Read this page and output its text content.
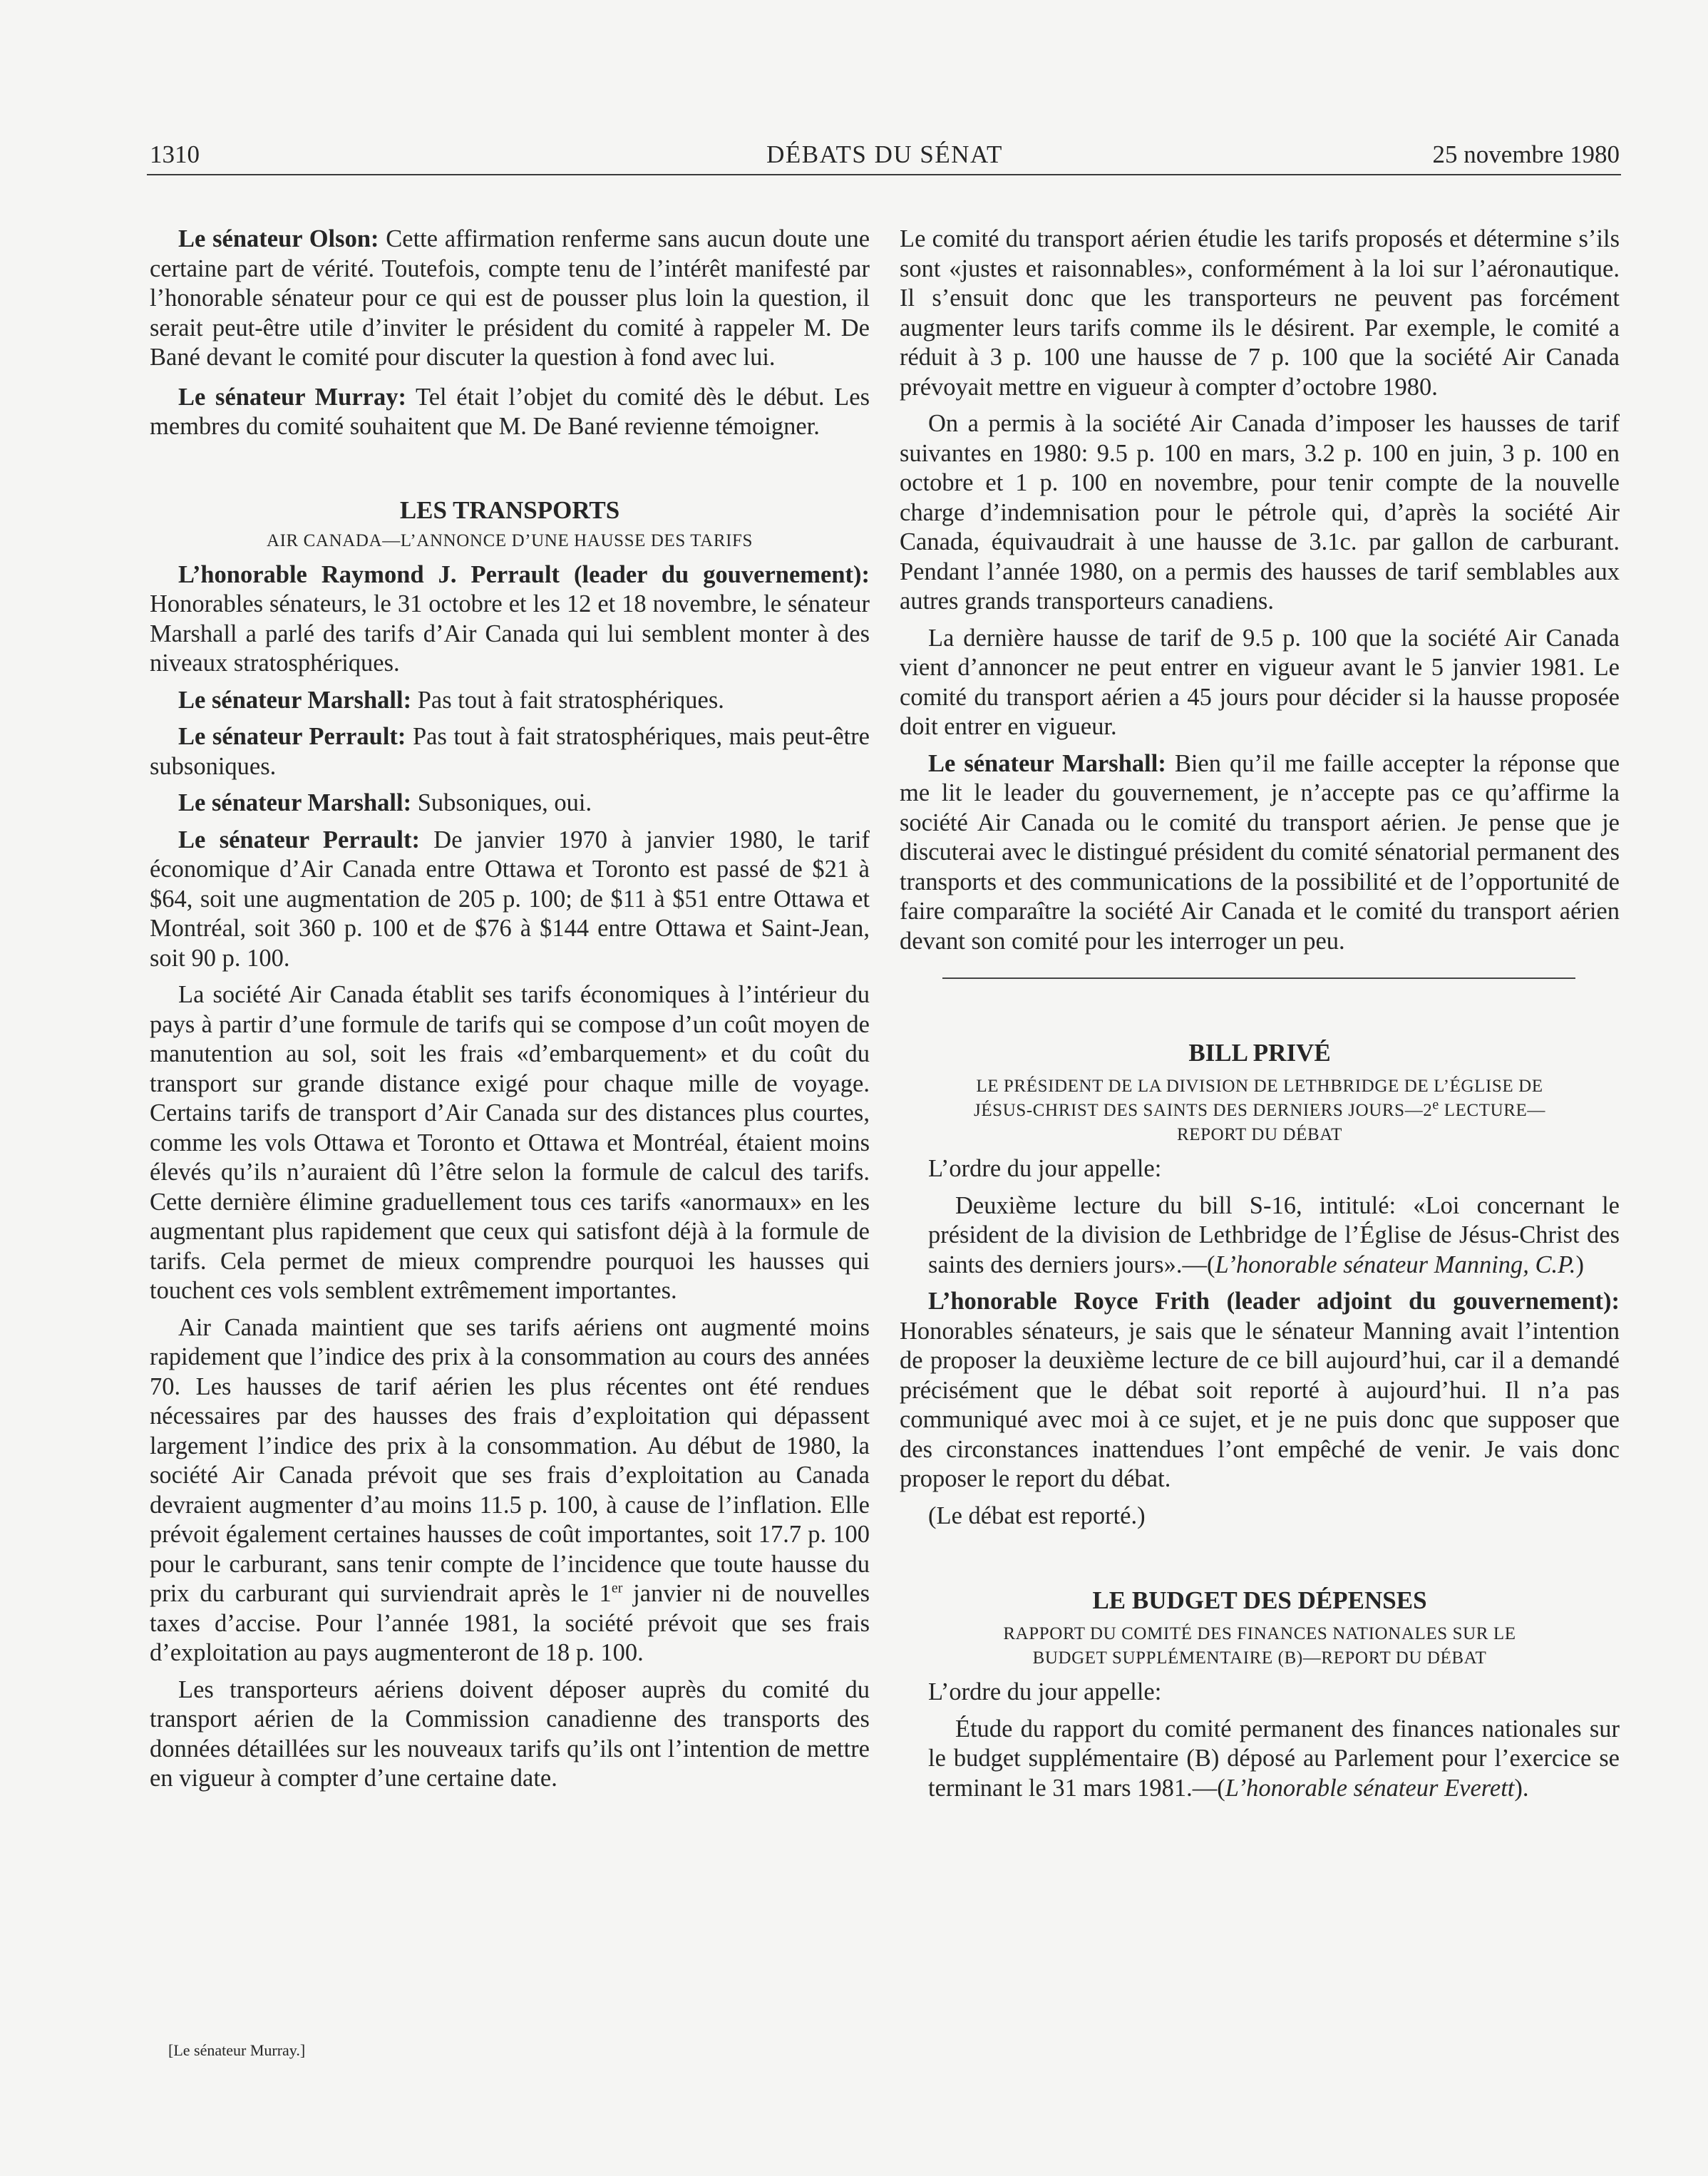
1310	DÉBATS DU SÉNAT	25 novembre 1980

Le sénateur Olson: Cette affirmation renferme sans aucun doute une certaine part de vérité. Toutefois, compte tenu de l’intérêt manifesté par l’honorable sénateur pour ce qui est de pousser plus loin la question, il serait peut-être utile d’inviter le président du comité à rappeler M. De Bané devant le comité pour discuter la question à fond avec lui.

Le sénateur Murray: Tel était l’objet du comité dès le début. Les membres du comité souhaitent que M. De Bané revienne témoigner.

LES TRANSPORTS

AIR CANADA—L’ANNONCE D’UNE HAUSSE DES TARIFS

L’honorable Raymond J. Perrault (leader du gouvernement): Honorables sénateurs, le 31 octobre et les 12 et 18 novembre, le sénateur Marshall a parlé des tarifs d’Air Canada qui lui semblent monter à des niveaux stratosphériques.

Le sénateur Marshall: Pas tout à fait stratosphériques.

Le sénateur Perrault: Pas tout à fait stratosphériques, mais peut-être subsoniques.

Le sénateur Marshall: Subsoniques, oui.

Le sénateur Perrault: De janvier 1970 à janvier 1980, le tarif économique d’Air Canada entre Ottawa et Toronto est passé de $21 à $64, soit une augmentation de 205 p. 100; de $11 à $51 entre Ottawa et Montréal, soit 360 p. 100 et de $76 à $144 entre Ottawa et Saint-Jean, soit 90 p. 100.

La société Air Canada établit ses tarifs économiques à l’intérieur du pays à partir d’une formule de tarifs qui se compose d’un coût moyen de manutention au sol, soit les frais «d’embarquement» et du coût du transport sur grande distance exigé pour chaque mille de voyage. Certains tarifs de transport d’Air Canada sur des distances plus courtes, comme les vols Ottawa et Toronto et Ottawa et Montréal, étaient moins élevés qu’ils n’auraient dû l’être selon la formule de calcul des tarifs. Cette dernière élimine graduellement tous ces tarifs «anormaux» en les augmentant plus rapidement que ceux qui satisfont déjà à la formule de tarifs. Cela permet de mieux comprendre pourquoi les hausses qui touchent ces vols semblent extrêmement importantes.

Air Canada maintient que ses tarifs aériens ont augmenté moins rapidement que l’indice des prix à la consommation au cours des années 70. Les hausses de tarif aérien les plus récentes ont été rendues nécessaires par des hausses des frais d’exploitation qui dépassent largement l’indice des prix à la consommation. Au début de 1980, la société Air Canada prévoit que ses frais d’exploitation au Canada devraient augmenter d’au moins 11.5 p. 100, à cause de l’inflation. Elle prévoit également certaines hausses de coût importantes, soit 17.7 p. 100 pour le carburant, sans tenir compte de l’incidence que toute hausse du prix du carburant qui surviendrait après le 1er janvier ni de nouvelles taxes d’accise. Pour l’année 1981, la société prévoit que ses frais d’exploitation au pays augmenteront de 18 p. 100.

Les transporteurs aériens doivent déposer auprès du comité du transport aérien de la Commission canadienne des transports des données détaillées sur les nouveaux tarifs qu’ils ont l’intention de mettre en vigueur à compter d’une certaine date.

[Le sénateur Murray.]

Le comité du transport aérien étudie les tarifs proposés et détermine s’ils sont «justes et raisonnables», conformément à la loi sur l’aéronautique. Il s’ensuit donc que les transporteurs ne peuvent pas forcément augmenter leurs tarifs comme ils le désirent. Par exemple, le comité a réduit à 3 p. 100 une hausse de 7 p. 100 que la société Air Canada prévoyait mettre en vigueur à compter d’octobre 1980.

On a permis à la société Air Canada d’imposer les hausses de tarif suivantes en 1980: 9.5 p. 100 en mars, 3.2 p. 100 en juin, 3 p. 100 en octobre et 1 p. 100 en novembre, pour tenir compte de la nouvelle charge d’indemnisation pour le pétrole qui, d’après la société Air Canada, équivaudrait à une hausse de 3.1c. par gallon de carburant. Pendant l’année 1980, on a permis des hausses de tarif semblables aux autres grands transporteurs canadiens.

La dernière hausse de tarif de 9.5 p. 100 que la société Air Canada vient d’annoncer ne peut entrer en vigueur avant le 5 janvier 1981. Le comité du transport aérien a 45 jours pour décider si la hausse proposée doit entrer en vigueur.

Le sénateur Marshall: Bien qu’il me faille accepter la réponse que me lit le leader du gouvernement, je n’accepte pas ce qu’affirme la société Air Canada ou le comité du transport aérien. Je pense que je discuterai avec le distingué président du comité sénatorial permanent des transports et des communications de la possibilité et de l’opportunité de faire comparaître la société Air Canada et le comité du transport aérien devant son comité pour les interroger un peu.

BILL PRIVÉ

LE PRÉSIDENT DE LA DIVISION DE LETHBRIDGE DE L’ÉGLISE DE

JÉSUS-CHRIST DES SAINTS DES DERNIERS JOURS—2e LECTURE—

REPORT DU DÉBAT

L’ordre du jour appelle:

Deuxième lecture du bill S-16, intitulé: «Loi concernant le président de la division de Lethbridge de l’Église de Jésus-Christ des saints des derniers jours».—(L’honorable sénateur Manning, C.P.)

L’honorable Royce Frith (leader adjoint du gouvernement): Honorables sénateurs, je sais que le sénateur Manning avait l’intention de proposer la deuxième lecture de ce bill aujourd’hui, car il a demandé précisément que le débat soit reporté à aujourd’hui. Il n’a pas communiqué avec moi à ce sujet, et je ne puis donc que supposer que des circonstances inattendues l’ont empêché de venir. Je vais donc proposer le report du débat.

(Le débat est reporté.)

LE BUDGET DES DÉPENSES

RAPPORT DU COMITÉ DES FINANCES NATIONALES SUR LE

BUDGET SUPPLÉMENTAIRE (B)—REPORT DU DÉBAT

L’ordre du jour appelle:

Étude du rapport du comité permanent des finances nationales sur le budget supplémentaire (B) déposé au Parlement pour l’exercice se terminant le 31 mars 1981.—(L’honorable sénateur Everett).
